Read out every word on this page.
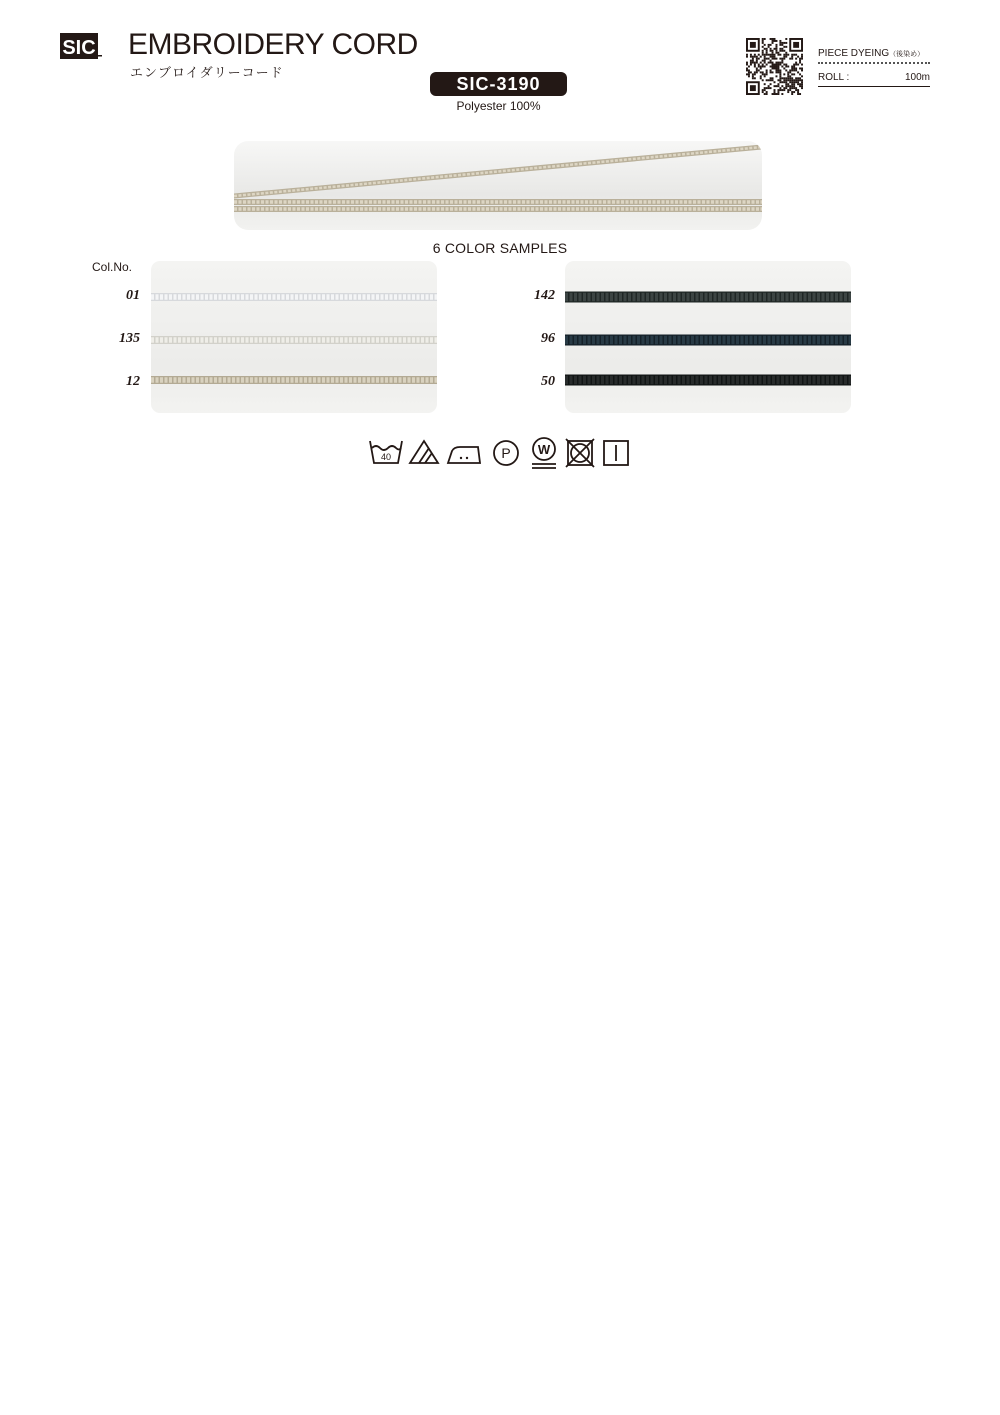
SIC EMBROIDERY CORD
エンブロイダリーコード
SIC-3190
Polyester 100%
PIECE DYEING（後染め）
ROLL :	100m
6 COLOR SAMPLES
Col.No.
01
135
12
142
96
50
40	P W
